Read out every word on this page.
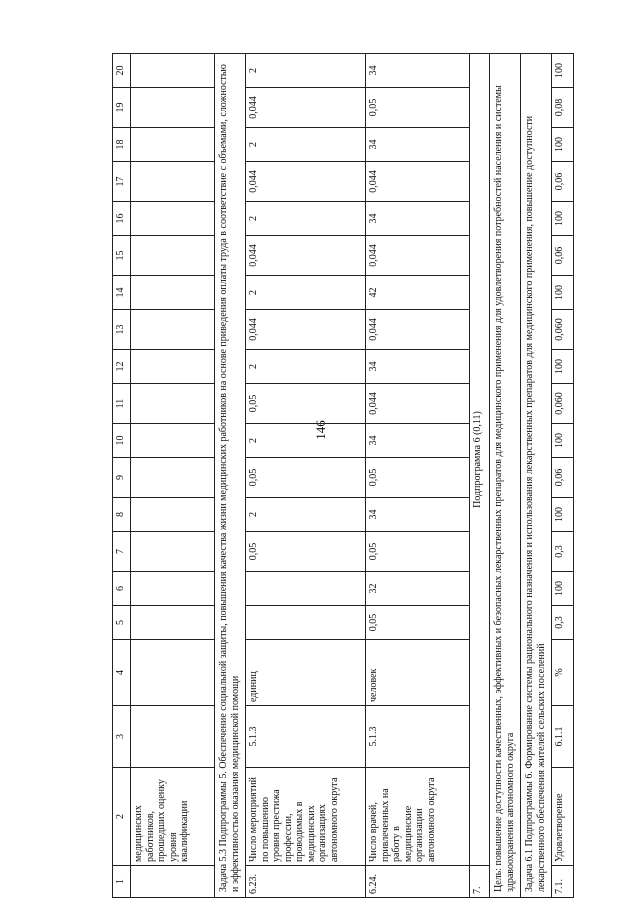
146
1	2	3	4	5	6	7	8	9	10	11	12	13	14	15	16	17	18	19	20
	медицинских работников, прошедших оценку уровня квалификации																		
Задача 5.3 Подпрограммы 5. Обеспечение социальной защиты, повышения качества жизни медицинских работников на основе приведения оплаты труда в соответствие с объемами, сложностью и эффективностью оказания медицинской помощи																			
6.23.	Число мероприятий по повышению уровня престижа профессии, проводимых в медицинских организациях автономного округа	5.1.3	единиц			0,05	2	0,05	2	0,05	2	0,044	2	0,044	2	0,044	2	0,044	2
6.24.	Число врачей, привлеченных на работу в медицинские организации автономного округа	5.1.3	человек	0,05	32	0,05	34	0,05	34	0,044	34	0,044	42	0,044	34	0,044	34	0,05	34
7.	Подпрограмма 6 (0,11)																		
Цель: повышение доступности качественных, эффективных и безопасных лекарственных препаратов для медицинского применения для удовлетворения потребностей населения и системы здравоохранения автономного округа																			
Задача 6.1 Подпрограммы 6. Формирование системы рационального назначения и использования лекарственных препаратов для медицинского применения, повышение доступности лекарственного обеспечения жителей сельских поселений																			
7.1.	Удовлетворение	6.1.1	%	0,3	100	0,3	100	0,06	100	0,060	100	0,060	100	0,06	100	0,06	100	0,08	100
